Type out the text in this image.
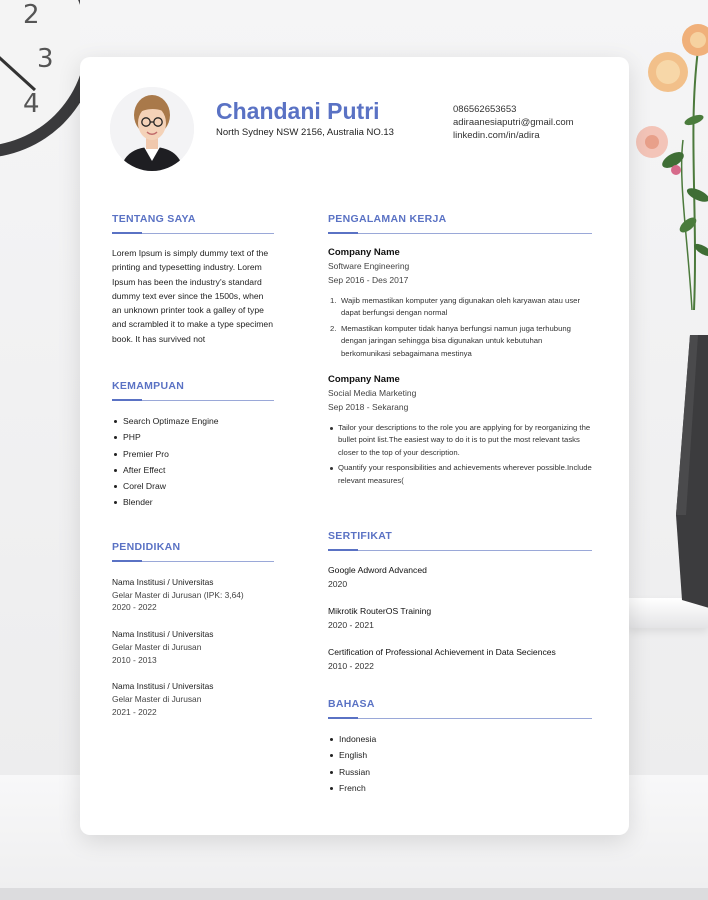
2
3
4	Chandani Putri
North Sydney NSW 2156, Australia NO.13
086562653653
adiraanesiaputri@gmail.com
linkedin.com/in/adira
TENTANG SAYA
Lorem Ipsum is simply dummy text of the printing and typesetting industry. Lorem Ipsum has been the industry's standard dummy text ever since the 1500s, when an unknown printer took a galley of type and scrambled it to make a type specimen book. It has survived not
KEMAMPUAN
Search Optimaze Engine
PHP
Premier Pro
After Effect
Corel Draw
Blender
PENDIDIKAN
Nama Institusi / Universitas
Gelar Master di Jurusan (IPK: 3,64)
2020 - 2022
Nama Institusi / Universitas
Gelar Master di Jurusan
2010 - 2013
Nama Institusi / Universitas
Gelar Master di Jurusan
2021 - 2022
PENGALAMAN KERJA
Company Name
Software Engineering
Sep 2016 - Des 2017
1. Wajib memastikan komputer yang digunakan oleh karyawan atau user dapat berfungsi dengan normal
2. Memastikan komputer tidak hanya berfungsi namun juga terhubung dengan jaringan sehingga bisa digunakan untuk kebutuhan berkomunikasi sebagaimana mestinya
Company Name
Social Media Marketing
Sep 2018 - Sekarang
Tailor your descriptions to the role you are applying for by reorganizing the bullet point list.The easiest way to do it is to put the most relevant tasks closer to the top of your description.
Quantify your responsibilities and achievements wherever possible.Include relevant measures(
SERTIFIKAT
Google Adword Advanced
2020
Mikrotik RouterOS Training
2020 - 2021
Certification of Professional Achievement in Data Seciences
2010 - 2022
BAHASA
Indonesia
English
Russian
French
